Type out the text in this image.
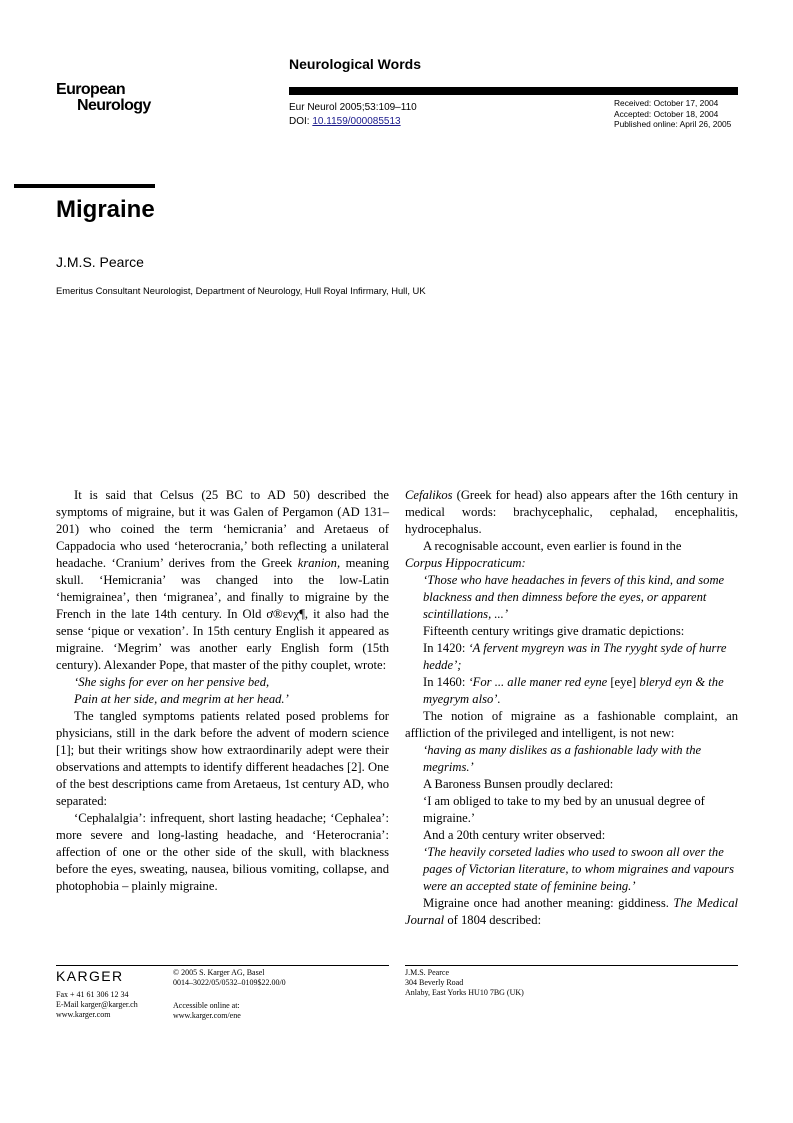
European
Neurology
Neurological Words
Eur Neurol 2005;53:109–110
DOI: 10.1159/000085513
Received: October 17, 2004
Accepted: October 18, 2004
Published online: April 26, 2005
Migraine
J.M.S. Pearce
Emeritus Consultant Neurologist, Department of Neurology, Hull Royal Infirmary, Hull, UK

It is said that Celsus (25 BC to AD 50) described the symptoms of migraine, but it was Galen of Pergamon (AD 131–201) who coined the term ‘hemicrania’ and Aretaeus of Cappadocia who used ‘heterocrania,’ both reflecting a unilateral headache. ‘Cranium’ derives from the Greek kranion, meaning skull. ‘Hemicrania’ was changed into the low-Latin ‘hemigrainea’, then ‘migranea’, and finally to migraine by the French in the late 14th century. In Old ơ®ενχ¶, it also had the sense ‘pique or vexation’. In 15th century English it appeared as migraine. ‘Megrim’ was another early English form (15th century). Alexander Pope, that master of the pithy couplet, wrote:

‘She sighs for ever on her pensive bed,

Pain at her side, and megrim at her head.’

The tangled symptoms patients related posed problems for physicians, still in the dark before the advent of modern science [1]; but their writings show how extraordinarily adept were their observations and attempts to identify different headaches [2]. One of the best descriptions came from Aretaeus, 1st century AD, who separated:

‘Cephalalgia’: infrequent, short lasting headache; ‘Cephalea’: more severe and long-lasting headache, and ‘Heterocrania’: affection of one or the other side of the skull, with blackness before the eyes, sweating, nausea, bilious vomiting, collapse, and photophobia – plainly migraine.

Cefalikos (Greek for head) also appears after the 16th century in medical words: brachycephalic, cephalad, encephalitis, hydrocephalus.

A recognisable account, even earlier is found in the
Corpus Hippocraticum:

‘Those who have headaches in fevers of this kind, and some blackness and then dimness before the eyes, or apparent scintillations, ...’

Fifteenth century writings give dramatic depictions:

In 1420: ‘A fervent mygreyn was in The ryyght syde of hurre hedde’;

In 1460: ‘For ... alle maner red eyne [eye] bleryd eyn & the myegrym also’.

The notion of migraine as a fashionable complaint, an affliction of the privileged and intelligent, is not new:

‘having as many dislikes as a fashionable lady with the megrims.’

A Baroness Bunsen proudly declared:

‘I am obliged to take to my bed by an unusual degree of migraine.’

And a 20th century writer observed:

‘The heavily corseted ladies who used to swoon all over the pages of Victorian literature, to whom migraines and vapours were an accepted state of feminine being.’

Migraine once had another meaning: giddiness. The Medical Journal of 1804 described:

KARGER
Fax + 41 61 306 12 34
E-Mail karger@karger.ch
www.karger.com
© 2005 S. Karger AG, Basel
0014–3022/05/0532–0109$22.00/0
Accessible online at:
www.karger.com/ene
J.M.S. Pearce
304 Beverly Road
Anlaby, East Yorks HU10 7BG (UK)
